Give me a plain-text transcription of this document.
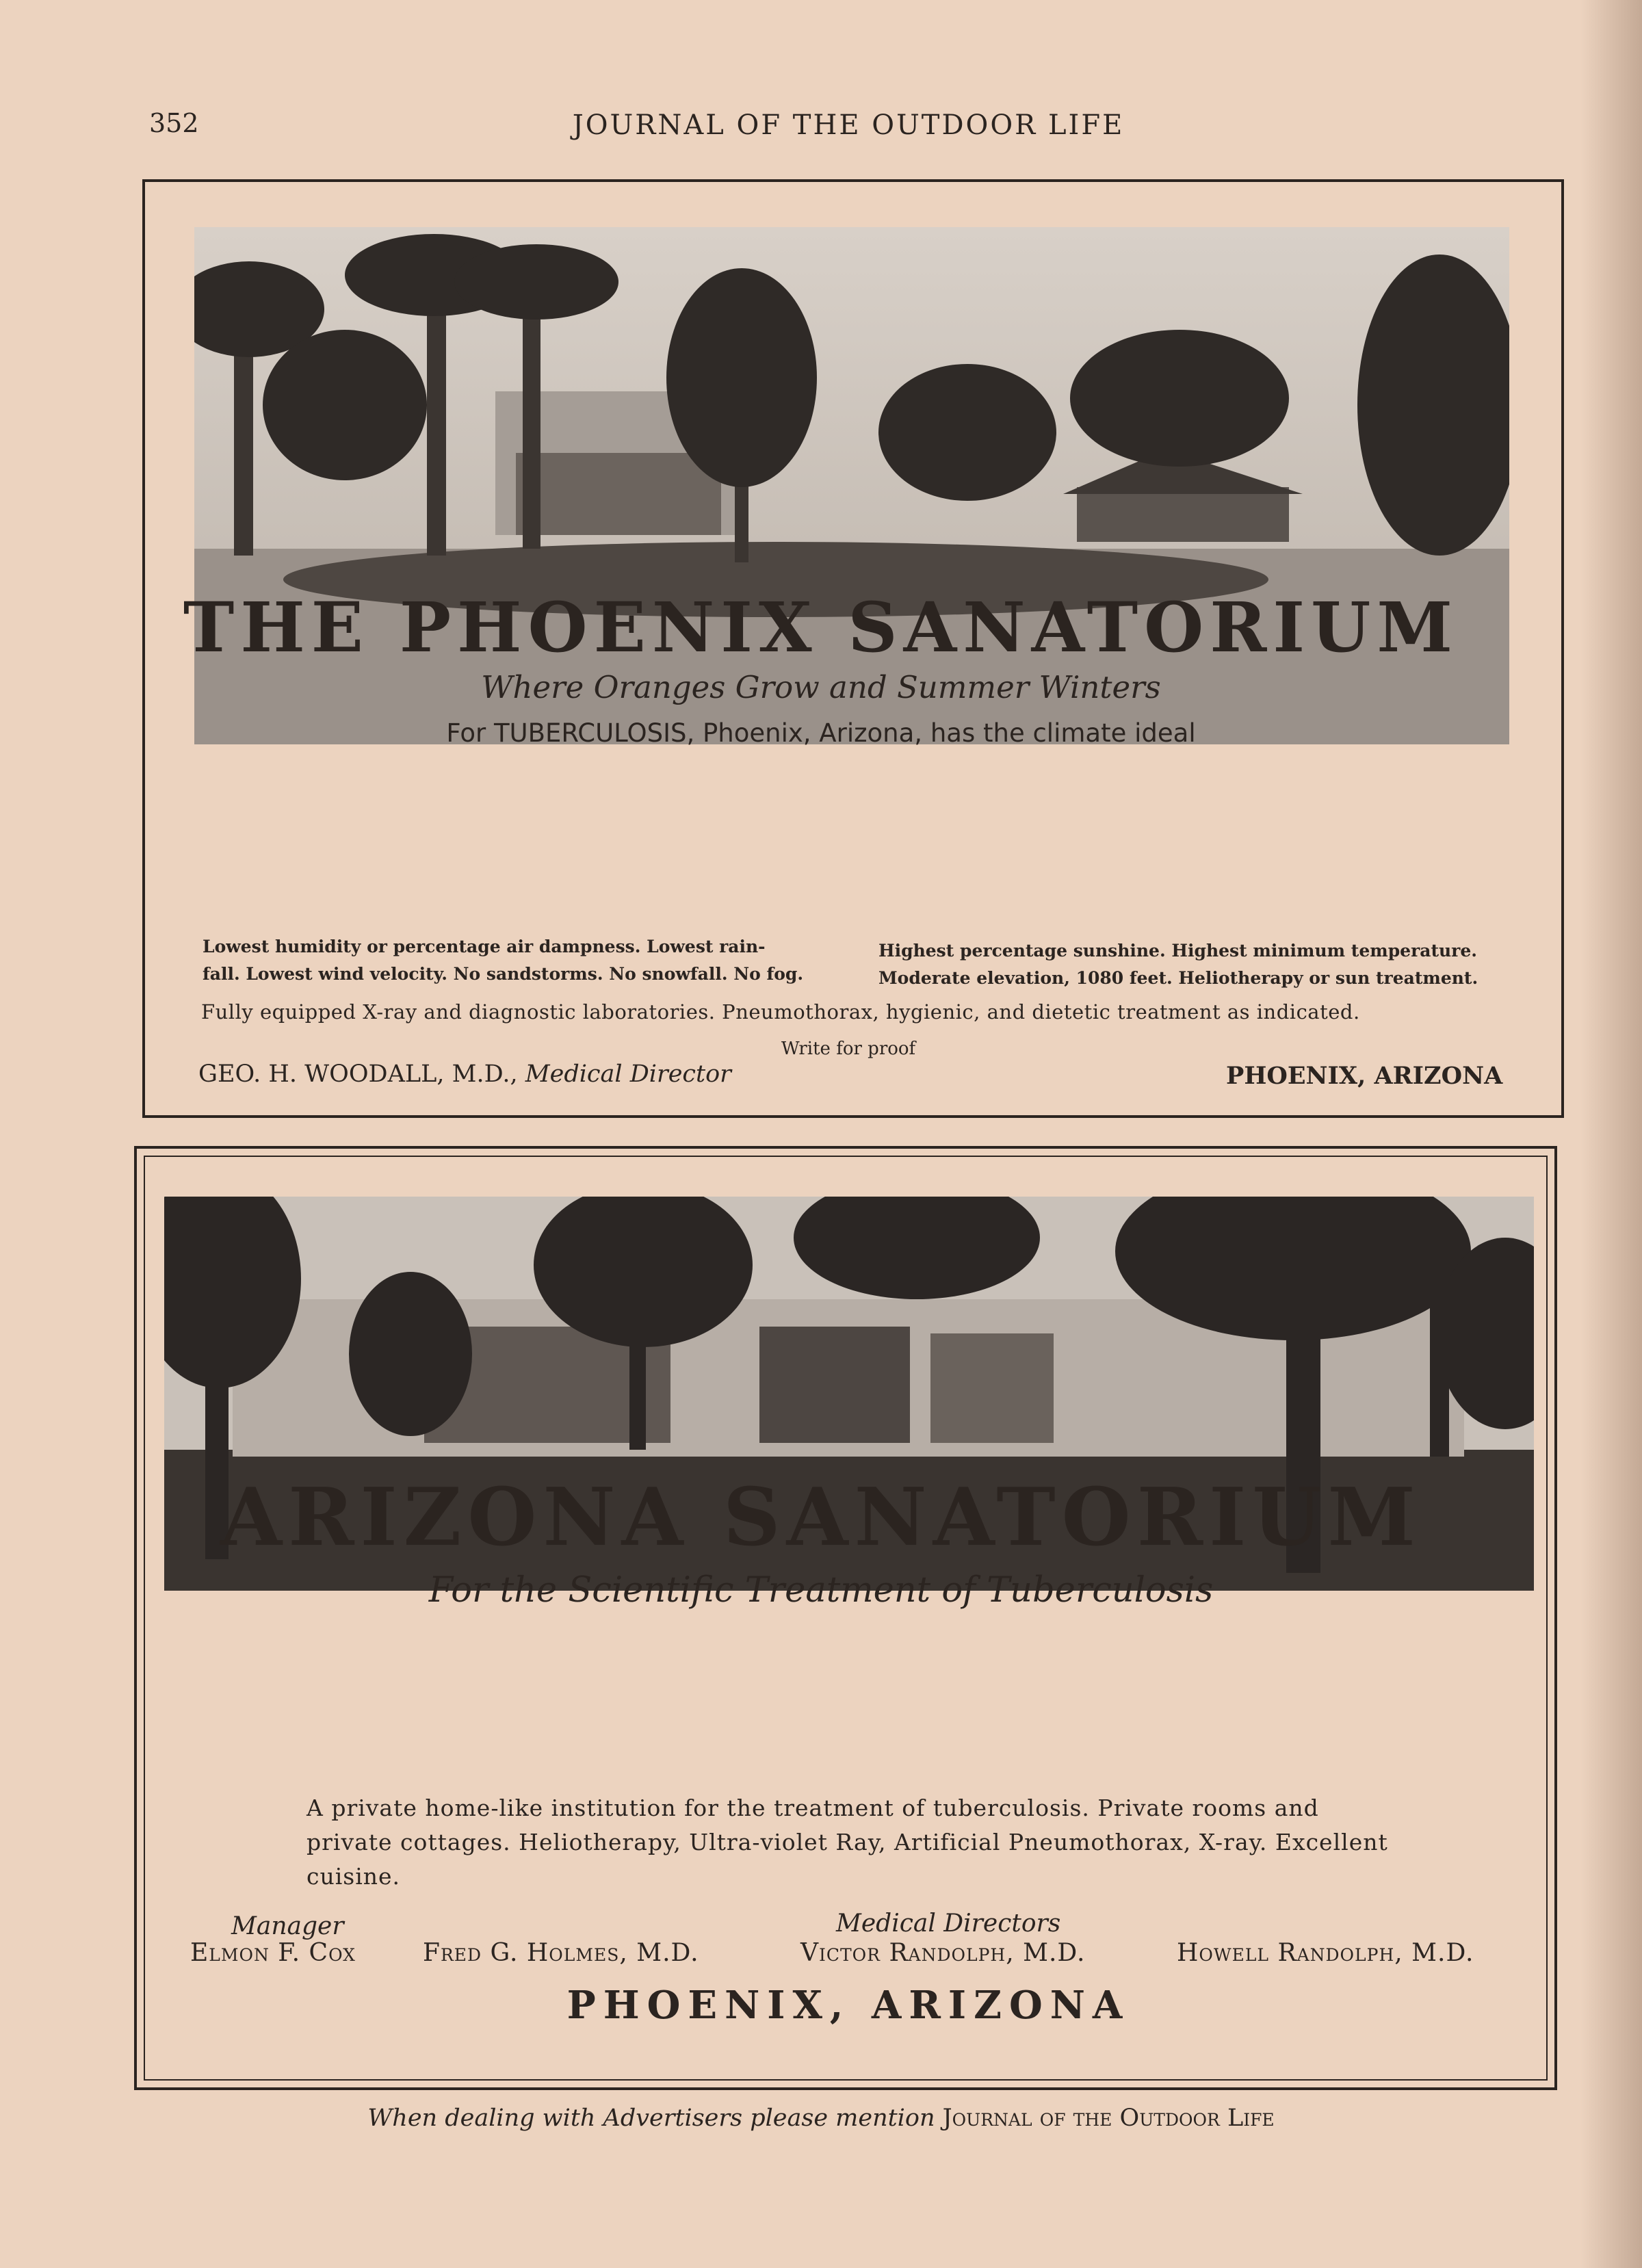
352	JOURNAL OF THE OUTDOOR LIFE
THE PHOENIX SANATORIUM
Where Oranges Grow and Summer Winters
For TUBERCULOSIS, Phoenix, Arizona, has the climate ideal
Lowest humidity or percentage air dampness. Lowest rain-
fall. Lowest wind velocity. No sandstorms. No snowfall. No fog.
Highest percentage sunshine. Highest minimum temperature.
Moderate elevation, 1080 feet. Heliotherapy or sun treatment.
Fully equipped X-ray and diagnostic laboratories. Pneumothorax, hygienic, and dietetic treatment as indicated.
Write for proof
GEO. H. WOODALL, M.D., Medical Director	PHOENIX, ARIZONA
ARIZONA SANATORIUM
For the Scientific Treatment of Tuberculosis
A private home-like institution for the treatment of tuberculosis. Private rooms and private cottages. Heliotherapy, Ultra-violet Ray, Artificial Pneumothorax, X-ray. Excellent cuisine.
Manager	Medical Directors
Elmon F. Cox	Fred G. Holmes, M.D.	Victor Randolph, M.D.	Howell Randolph, M.D.
PHOENIX, ARIZONA
When dealing with Advertisers please mention Journal of the Outdoor Life
